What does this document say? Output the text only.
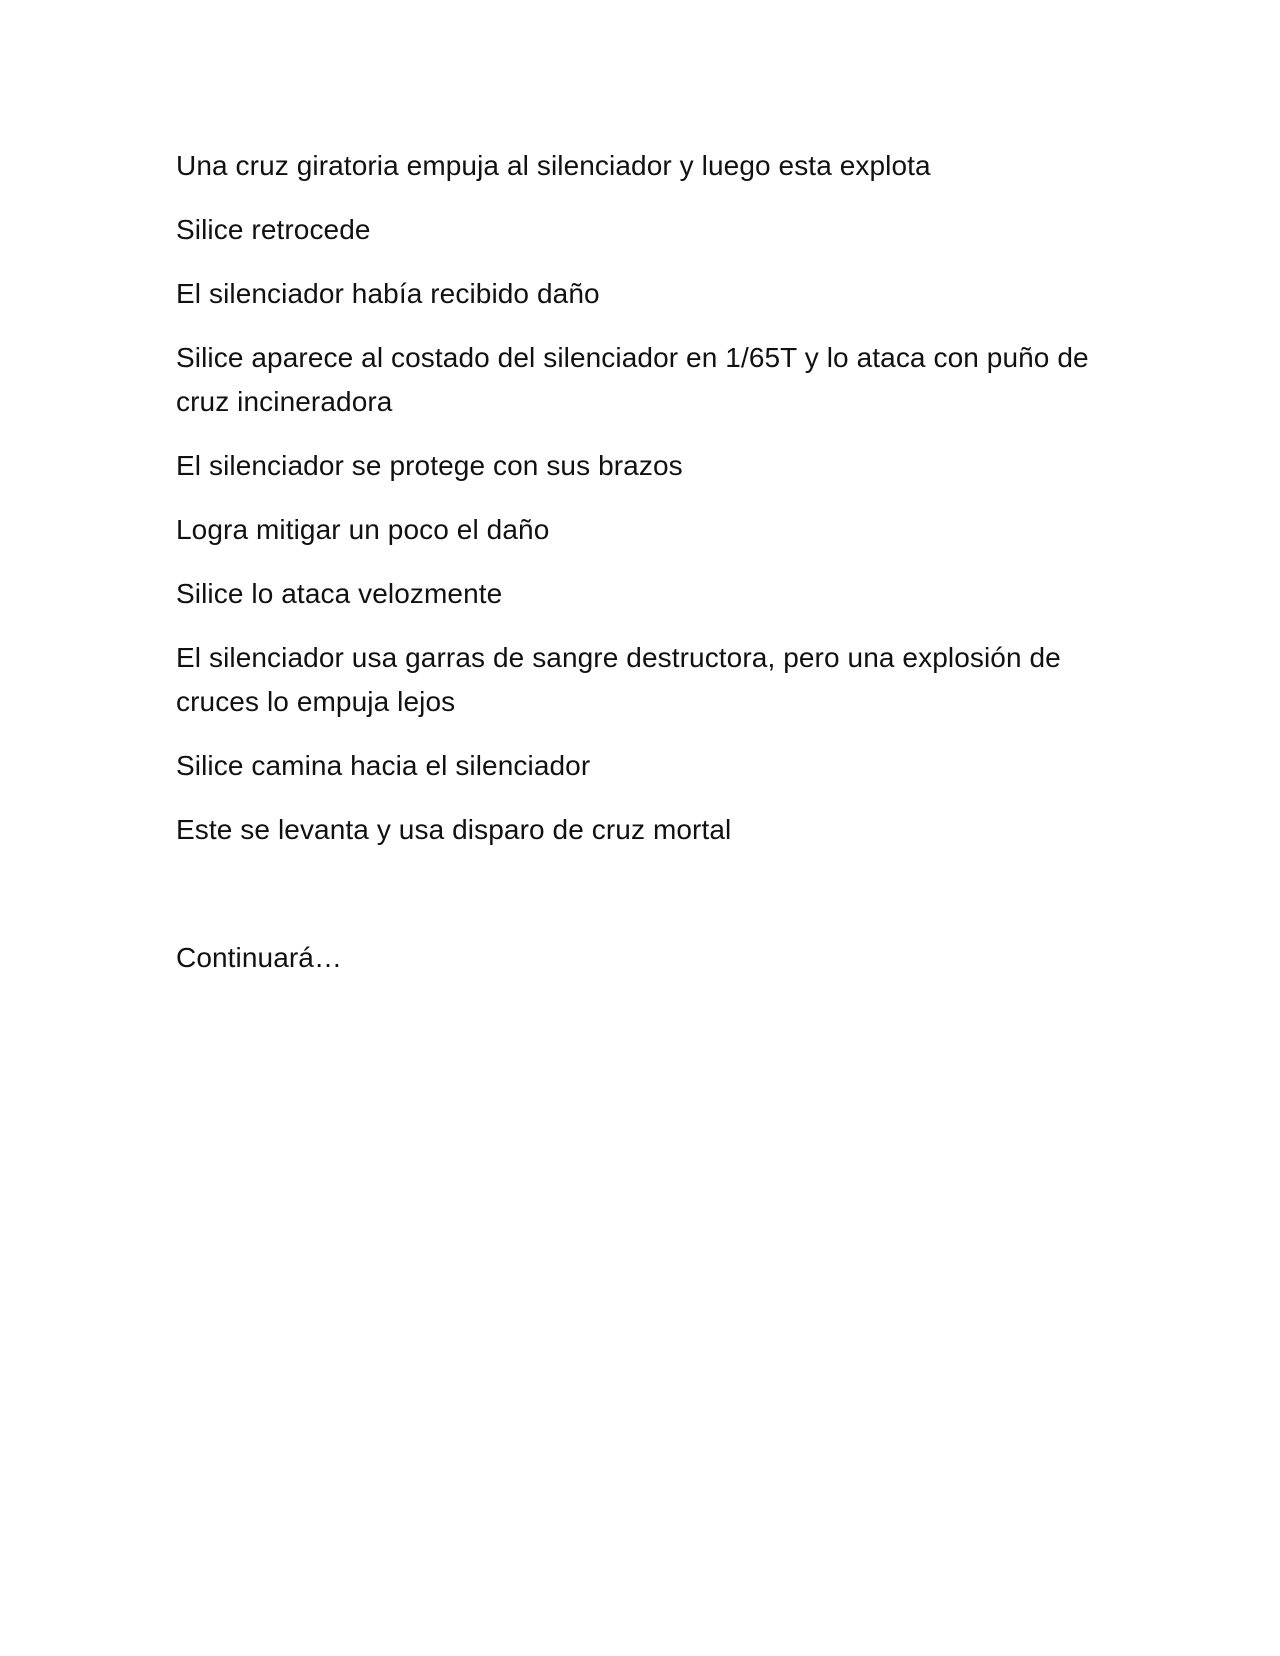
Una cruz giratoria empuja al silenciador y luego esta explota

Silice retrocede

El silenciador había recibido daño

Silice aparece al costado del silenciador en 1/65T y lo ataca con puño de cruz incineradora

El silenciador se protege con sus brazos

Logra mitigar un poco el daño

Silice lo ataca velozmente

El silenciador usa garras de sangre destructora, pero una explosión de cruces lo empuja lejos

Silice camina hacia el silenciador

Este se levanta y usa disparo de cruz mortal

Continuará…
